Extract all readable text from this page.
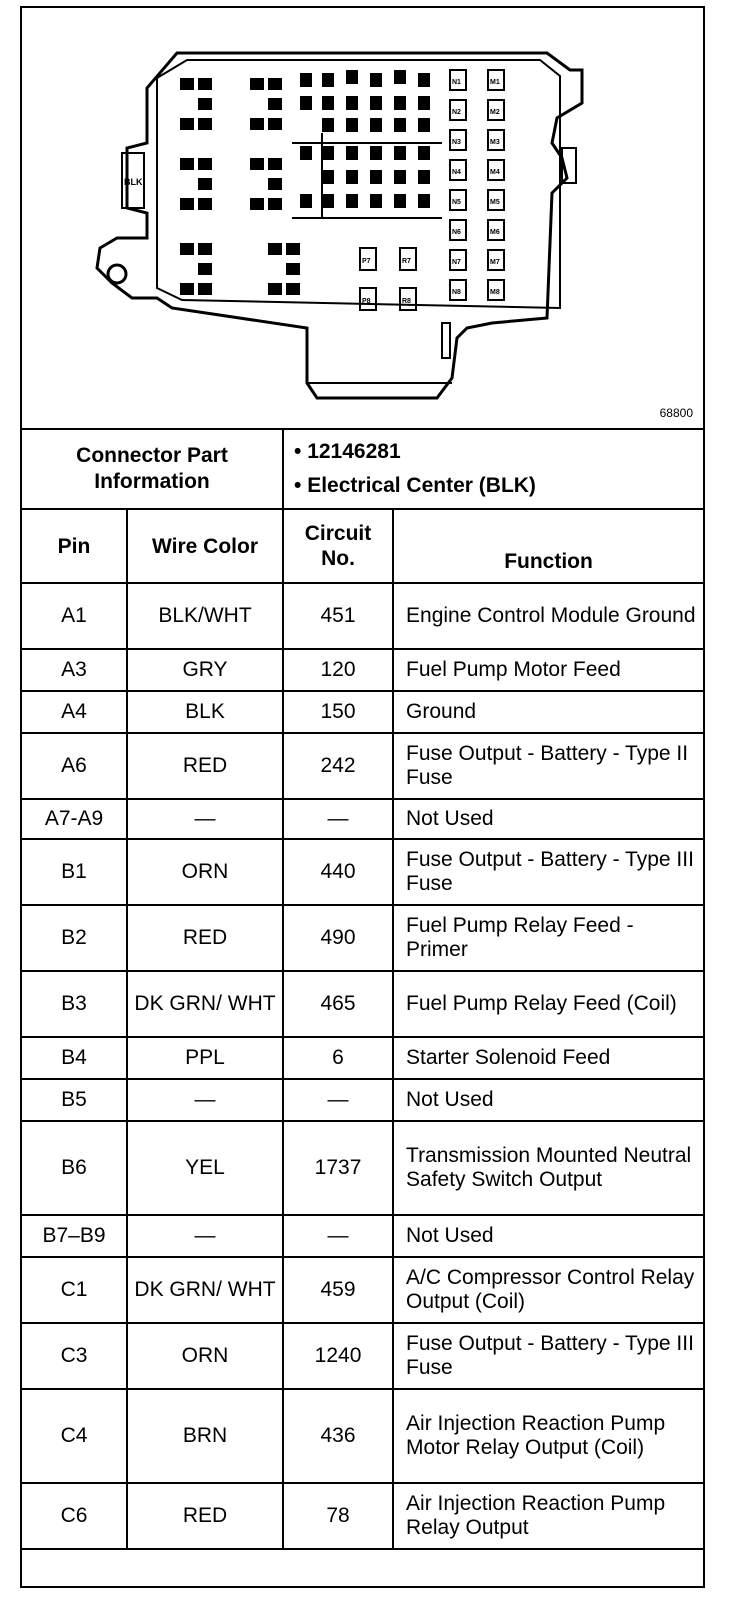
N1
N2
N3
N4
N5
N6
N7
N8
M1
M2
M3
M4
M5
M6
M7
M8
P7
P8
R7
R8
BLK
68800
Connector Part Information		• 12146281
• Electrical Center (BLK)	

Pin	Wire Color	Circuit No.	Function
A1	BLK/WHT	451	Engine Control Module Ground
A3	GRY	120	Fuel Pump Motor Feed
A4	BLK	150	Ground
A6	RED	242	Fuse Output - Battery - Type II Fuse
A7-A9	—	—	Not Used
B1	ORN	440	Fuse Output - Battery - Type III Fuse
B2	RED	490	Fuel Pump Relay Feed - Primer
B3	DK GRN/ WHT	465	Fuel Pump Relay Feed (Coil)
B4	PPL	6	Starter Solenoid Feed
B5	—	—	Not Used
B6	YEL	1737	Transmission Mounted Neutral Safety Switch Output
B7–B9	—	—	Not Used
C1	DK GRN/ WHT	459	A/C Compressor Control Relay Output (Coil)
C3	ORN	1240	Fuse Output - Battery - Type III Fuse
C4	BRN	436	Air Injection Reaction Pump Motor Relay Output (Coil)
C6	RED	78	Air Injection Reaction Pump Relay Output
